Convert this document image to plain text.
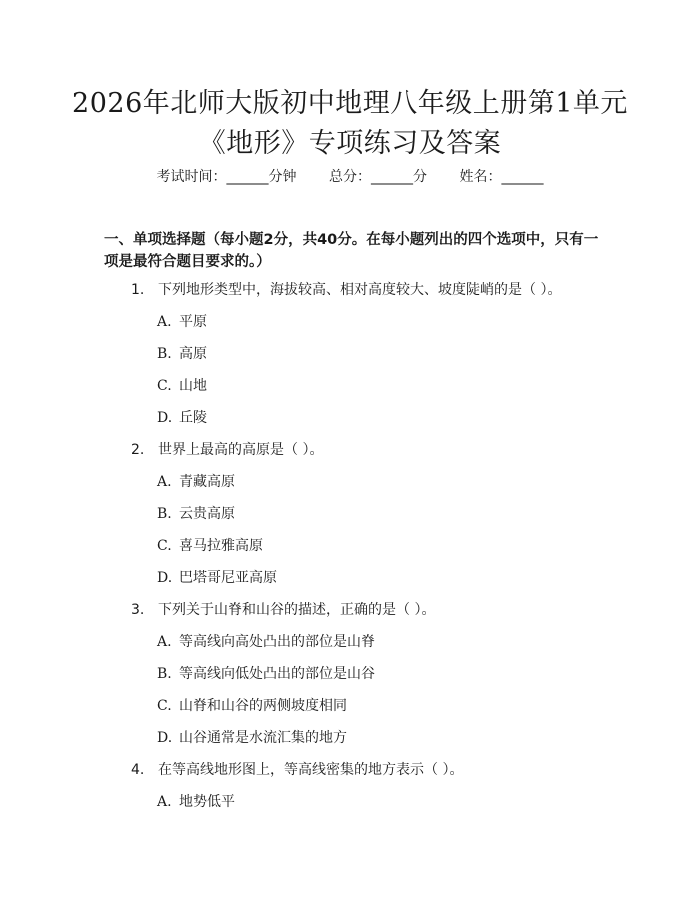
2026年北师大版初中地理八年级上册第1单元《地形》专项练习及答案
考试时间：______分钟 总分：______分 姓名：______
一、单项选择题（每小题2分，共40分。在每小题列出的四个选项中，只有一项是最符合题目要求的。）
1. 下列地形类型中，海拔较高、相对高度较大、坡度陡峭的是（ ）。
A. 平原
B. 高原
C. 山地
D. 丘陵
2. 世界上最高的高原是（ ）。
A. 青藏高原
B. 云贵高原
C. 喜马拉雅高原
D. 巴塔哥尼亚高原
3. 下列关于山脊和山谷的描述，正确的是（ ）。
A. 等高线向高处凸出的部位是山脊
B. 等高线向低处凸出的部位是山谷
C. 山脊和山谷的两侧坡度相同
D. 山谷通常是水流汇集的地方
4. 在等高线地形图上，等高线密集的地方表示（ ）。
A. 地势低平
